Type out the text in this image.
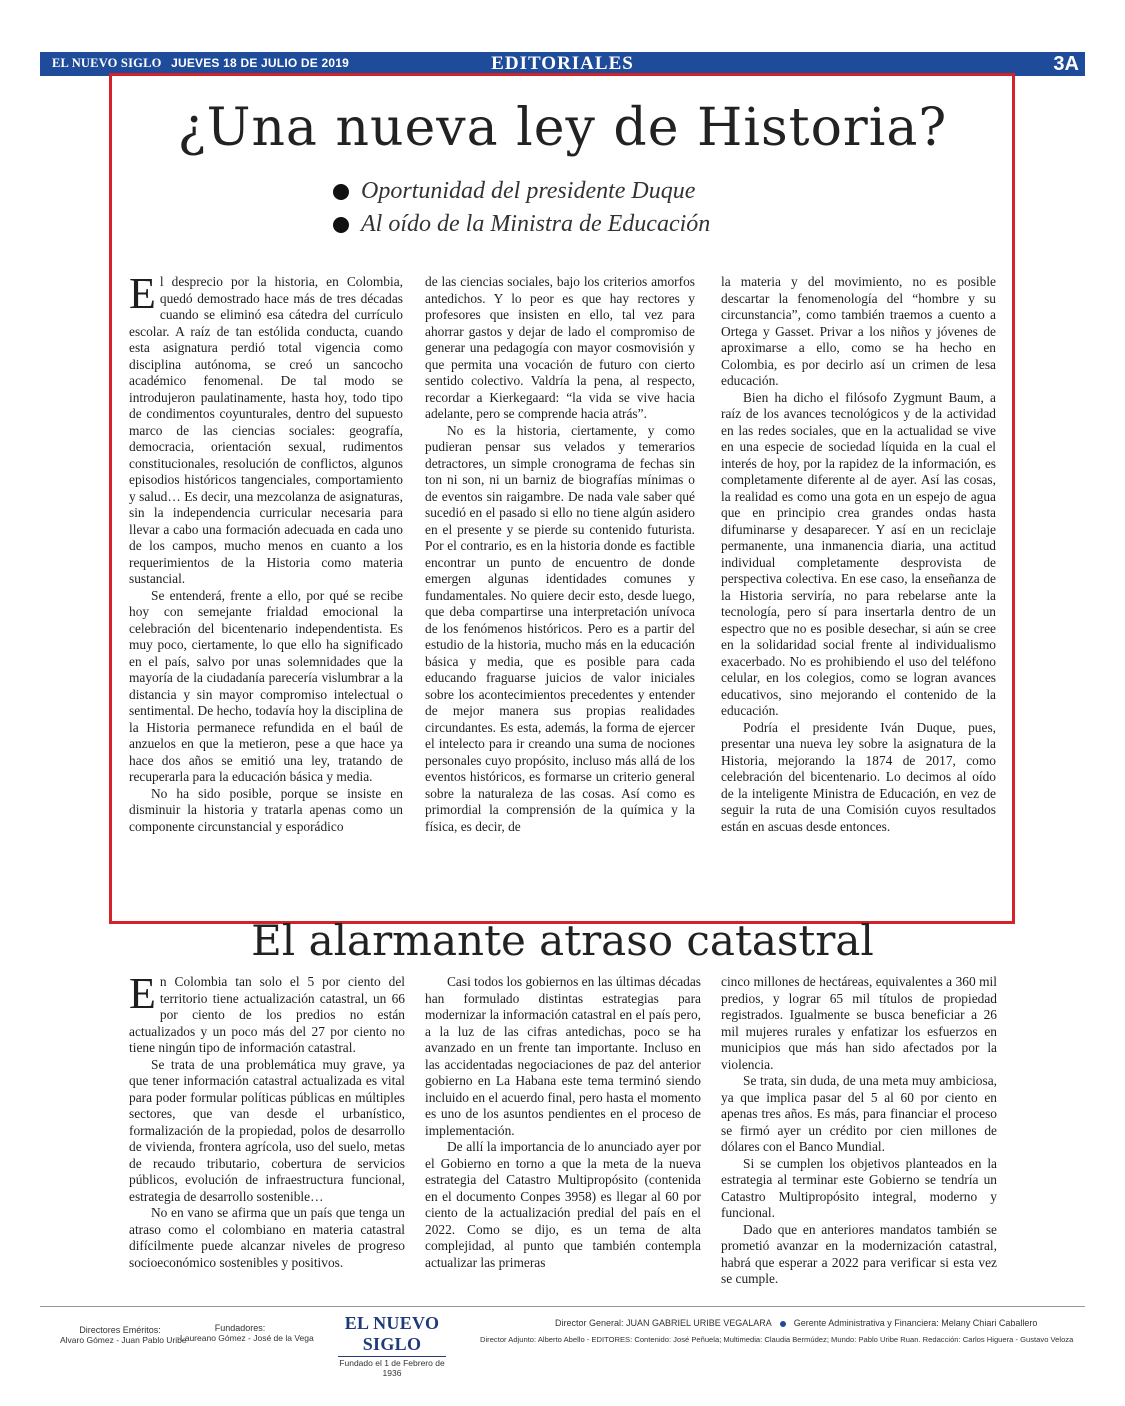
EL NUEVO SIGLO JUEVES 18 DE JULIO DE 2019	EDITORIALES	3A
¿Una nueva ley de Historia?
Oportunidad del presidente Duque
Al oído de la Ministra de Educación

El desprecio por la historia, en Colombia, quedó demostrado hace más de tres décadas cuando se eliminó esa cátedra del currículo escolar. A raíz de tan estólida conducta, cuando esta asignatura perdió total vigencia como disciplina autónoma, se creó un sancocho académico fenomenal. De tal modo se introdujeron paulatinamente, hasta hoy, todo tipo de condimentos coyunturales, dentro del supuesto marco de las ciencias sociales: geografía, democracia, orientación sexual, rudimentos constitucionales, resolución de conflictos, algunos episodios históricos tangenciales, comportamiento y salud… Es decir, una mezcolanza de asignaturas, sin la independencia curricular necesaria para llevar a cabo una formación adecuada en cada uno de los campos, mucho menos en cuanto a los requerimientos de la Historia como materia sustancial.

Se entenderá, frente a ello, por qué se recibe hoy con semejante frialdad emocional la celebración del bicentenario independentista. Es muy poco, ciertamente, lo que ello ha significado en el país, salvo por unas solemnidades que la mayoría de la ciudadanía parecería vislumbrar a la distancia y sin mayor compromiso intelectual o sentimental. De hecho, todavía hoy la disciplina de la Historia permanece refundida en el baúl de anzuelos en que la metieron, pese a que hace ya hace dos años se emitió una ley, tratando de recuperarla para la educación básica y media.

No ha sido posible, porque se insiste en disminuir la historia y tratarla apenas como un componente circunstancial y esporádico

de las ciencias sociales, bajo los criterios amorfos antedichos. Y lo peor es que hay rectores y profesores que insisten en ello, tal vez para ahorrar gastos y dejar de lado el compromiso de generar una pedagogía con mayor cosmovisión y que permita una vocación de futuro con cierto sentido colectivo. Valdría la pena, al respecto, recordar a Kierkegaard: “la vida se vive hacia adelante, pero se comprende hacia atrás”.

No es la historia, ciertamente, y como pudieran pensar sus velados y temerarios detractores, un simple cronograma de fechas sin ton ni son, ni un barniz de biografías mínimas o de eventos sin raigambre. De nada vale saber qué sucedió en el pasado si ello no tiene algún asidero en el presente y se pierde su contenido futurista. Por el contrario, es en la historia donde es factible encontrar un punto de encuentro de donde emergen algunas identidades comunes y fundamentales. No quiere decir esto, desde luego, que deba compartirse una interpretación unívoca de los fenómenos históricos. Pero es a partir del estudio de la historia, mucho más en la educación básica y media, que es posible para cada educando fraguarse juicios de valor iniciales sobre los acontecimientos precedentes y entender de mejor manera sus propias realidades circundantes. Es esta, además, la forma de ejercer el intelecto para ir creando una suma de nociones personales cuyo propósito, incluso más allá de los eventos históricos, es formarse un criterio general sobre la naturaleza de las cosas. Así como es primordial la comprensión de la química y la física, es decir, de

la materia y del movimiento, no es posible descartar la fenomenología del “hombre y su circunstancia”, como también traemos a cuento a Ortega y Gasset. Privar a los niños y jóvenes de aproximarse a ello, como se ha hecho en Colombia, es por decirlo así un crimen de lesa educación.

Bien ha dicho el filósofo Zygmunt Baum, a raíz de los avances tecnológicos y de la actividad en las redes sociales, que en la actualidad se vive en una especie de sociedad líquida en la cual el interés de hoy, por la rapidez de la información, es completamente diferente al de ayer. Así las cosas, la realidad es como una gota en un espejo de agua que en principio crea grandes ondas hasta difuminarse y desaparecer. Y así en un reciclaje permanente, una inmanencia diaria, una actitud individual completamente desprovista de perspectiva colectiva. En ese caso, la enseñanza de la Historia serviría, no para rebelarse ante la tecnología, pero sí para insertarla dentro de un espectro que no es posible desechar, si aún se cree en la solidaridad social frente al individualismo exacerbado. No es prohibiendo el uso del teléfono celular, en los colegios, como se logran avances educativos, sino mejorando el contenido de la educación.

Podría el presidente Iván Duque, pues, presentar una nueva ley sobre la asignatura de la Historia, mejorando la 1874 de 2017, como celebración del bicentenario. Lo decimos al oído de la inteligente Ministra de Educación, en vez de seguir la ruta de una Comisión cuyos resultados están en ascuas desde entonces.

El alarmante atraso catastral

En Colombia tan solo el 5 por ciento del territorio tiene actualización catastral, un 66 por ciento de los predios no están actualizados y un poco más del 27 por ciento no tiene ningún tipo de información catastral.

Se trata de una problemática muy grave, ya que tener información catastral actualizada es vital para poder formular políticas públicas en múltiples sectores, que van desde el urbanístico, formalización de la propiedad, polos de desarrollo de vivienda, frontera agrícola, uso del suelo, metas de recaudo tributario, cobertura de servicios públicos, evolución de infraestructura funcional, estrategia de desarrollo sostenible…

No en vano se afirma que un país que tenga un atraso como el colombiano en materia catastral difícilmente puede alcanzar niveles de progreso socioeconómico sostenibles y positivos.

Casi todos los gobiernos en las últimas décadas han formulado distintas estrategias para modernizar la información catastral en el país pero, a la luz de las cifras antedichas, poco se ha avanzado en un frente tan importante. Incluso en las accidentadas negociaciones de paz del anterior gobierno en La Habana este tema terminó siendo incluido en el acuerdo final, pero hasta el momento es uno de los asuntos pendientes en el proceso de implementación.

De allí la importancia de lo anunciado ayer por el Gobierno en torno a que la meta de la nueva estrategia del Catastro Multipropósito (contenida en el documento Conpes 3958) es llegar al 60 por ciento de la actualización predial del país en el 2022. Como se dijo, es un tema de alta complejidad, al punto que también contempla actualizar las primeras

cinco millones de hectáreas, equivalentes a 360 mil predios, y lograr 65 mil títulos de propiedad registrados. Igualmente se busca beneficiar a 26 mil mujeres rurales y enfatizar los esfuerzos en municipios que más han sido afectados por la violencia.

Se trata, sin duda, de una meta muy ambiciosa, ya que implica pasar del 5 al 60 por ciento en apenas tres años. Es más, para financiar el proceso se firmó ayer un crédito por cien millones de dólares con el Banco Mundial.

Si se cumplen los objetivos planteados en la estrategia al terminar este Gobierno se tendría un Catastro Multipropósito integral, moderno y funcional.

Dado que en anteriores mandatos también se prometió avanzar en la modernización catastral, habrá que esperar a 2022 para verificar si esta vez se cumple.

Directores Eméritos:
Alvaro Gómez - Juan Pablo Uribe
Fundadores:
Laureano Gómez - José de la Vega
EL NUEVO SIGLO
Fundado el 1 de Febrero de 1936
Director General: JUAN GABRIEL URIBE VEGALARA Gerente Administrativa y Financiera: Melany Chiari Caballero
Director Adjunto: Alberto Abello - EDITORES: Contenido: José Peñuela; Multimedia: Claudia Bermúdez; Mundo: Pablo Uribe Ruan. Redacción: Carlos Higuera - Gustavo Veloza
